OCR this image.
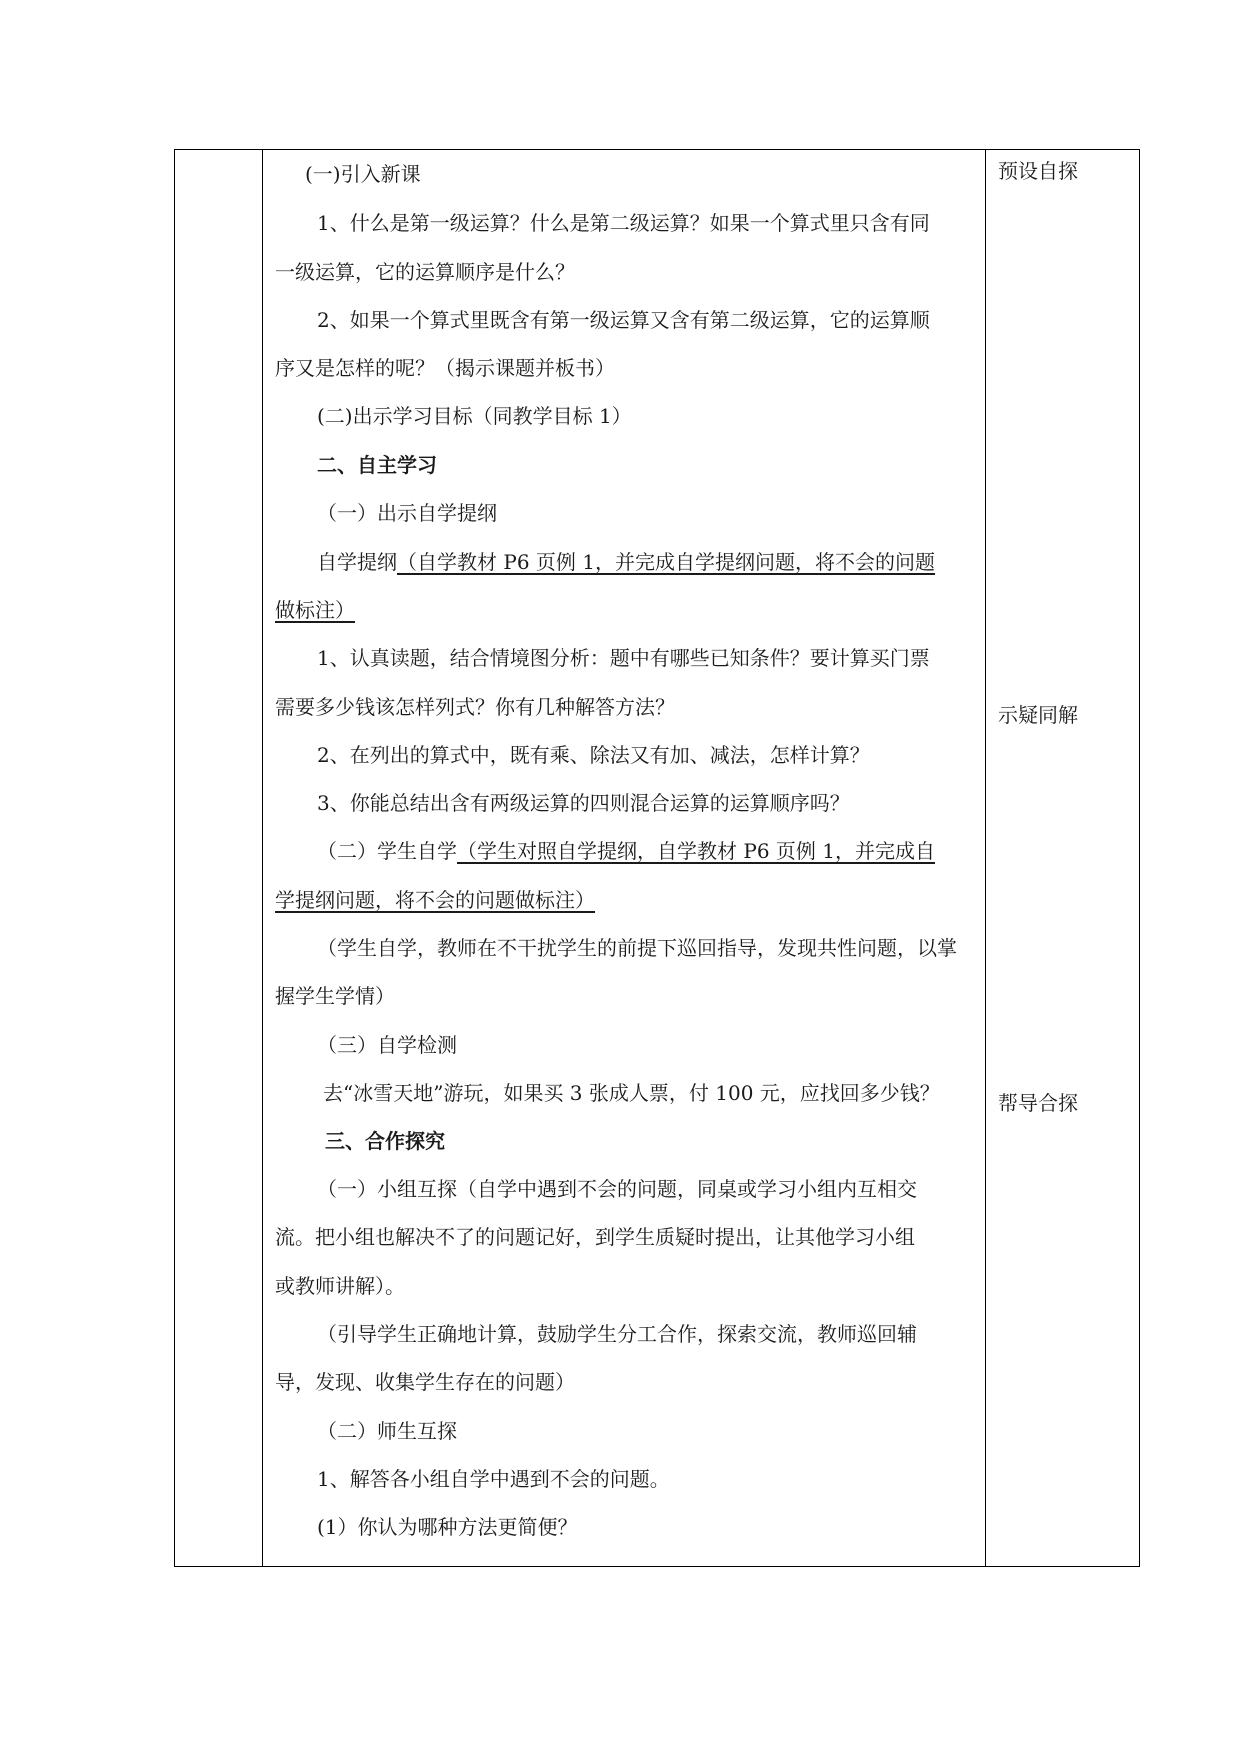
(一)引入新课
1、什么是第一级运算？什么是第二级运算？如果一个算式里只含有同
一级运算，它的运算顺序是什么？
2、如果一个算式里既含有第一级运算又含有第二级运算，它的运算顺
序又是怎样的呢？（揭示课题并板书）
(二)出示学习目标（同教学目标 1）
二、自主学习
（一）出示自学提纲
自学提纲（自学教材 P6 页例 1，并完成自学提纲问题，将不会的问题
做标注）
1、认真读题，结合情境图分析：题中有哪些已知条件？要计算买门票
需要多少钱该怎样列式？你有几种解答方法？
2、在列出的算式中，既有乘、除法又有加、减法，怎样计算？
3、你能总结出含有两级运算的四则混合运算的运算顺序吗？
（二）学生自学（学生对照自学提纲，自学教材 P6 页例 1，并完成自
学提纲问题，将不会的问题做标注）
（学生自学，教师在不干扰学生的前提下巡回指导，发现共性问题，以掌
握学生学情）
（三）自学检测
去“冰雪天地”游玩，如果买 3 张成人票，付 100 元，应找回多少钱？
三、合作探究
（一）小组互探（自学中遇到不会的问题，同桌或学习小组内互相交
流。把小组也解决不了的问题记好，到学生质疑时提出，让其他学习小组
或教师讲解）。
（引导学生正确地计算，鼓励学生分工合作，探索交流，教师巡回辅
导，发现、收集学生存在的问题）
（二）师生互探
1、解答各小组自学中遇到不会的问题。
(1）你认为哪种方法更简便？
预设自探
示疑同解
帮导合探
